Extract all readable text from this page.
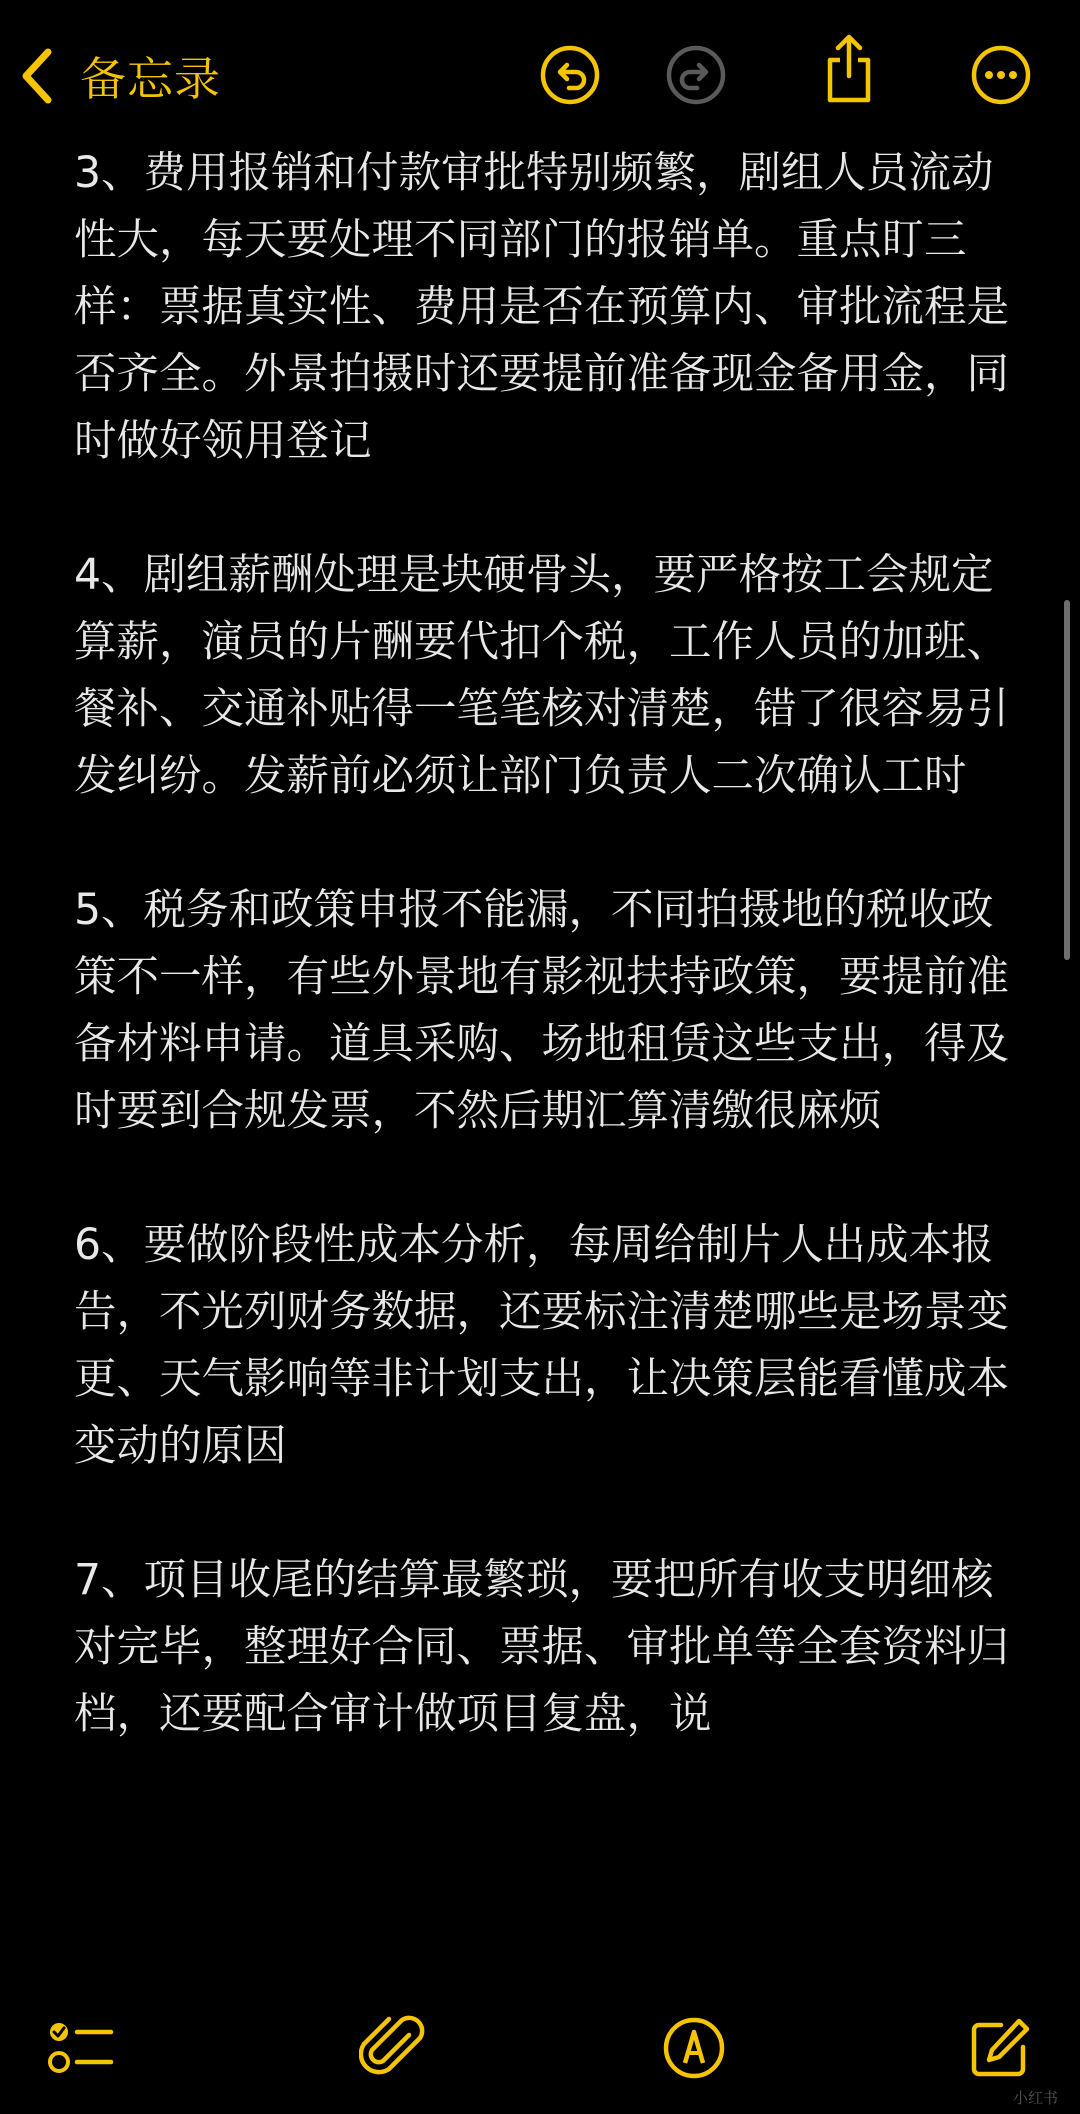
备忘录

3、费用报销和付款审批特别频繁，剧组人员流动性大，每天要处理不同部门的报销单。重点盯三样：票据真实性、费用是否在预算内、审批流程是否齐全。外景拍摄时还要提前准备现金备用金，同时做好领用登记

4、剧组薪酬处理是块硬骨头，要严格按工会规定算薪，演员的片酬要代扣个税，工作人员的加班、餐补、交通补贴得一笔笔核对清楚，错了很容易引发纠纷。发薪前必须让部门负责人二次确认工时

5、税务和政策申报不能漏，不同拍摄地的税收政策不一样，有些外景地有影视扶持政策，要提前准备材料申请。道具采购、场地租赁这些支出，得及时要到合规发票，不然后期汇算清缴很麻烦

6、要做阶段性成本分析，每周给制片人出成本报告，不光列财务数据，还要标注清楚哪些是场景变更、天气影响等非计划支出，让决策层能看懂成本变动的原因

7、项目收尾的结算最繁琐，要把所有收支明细核对完毕，整理好合同、票据、审批单等全套资料归档，还要配合审计做项目复盘，说

小红书
